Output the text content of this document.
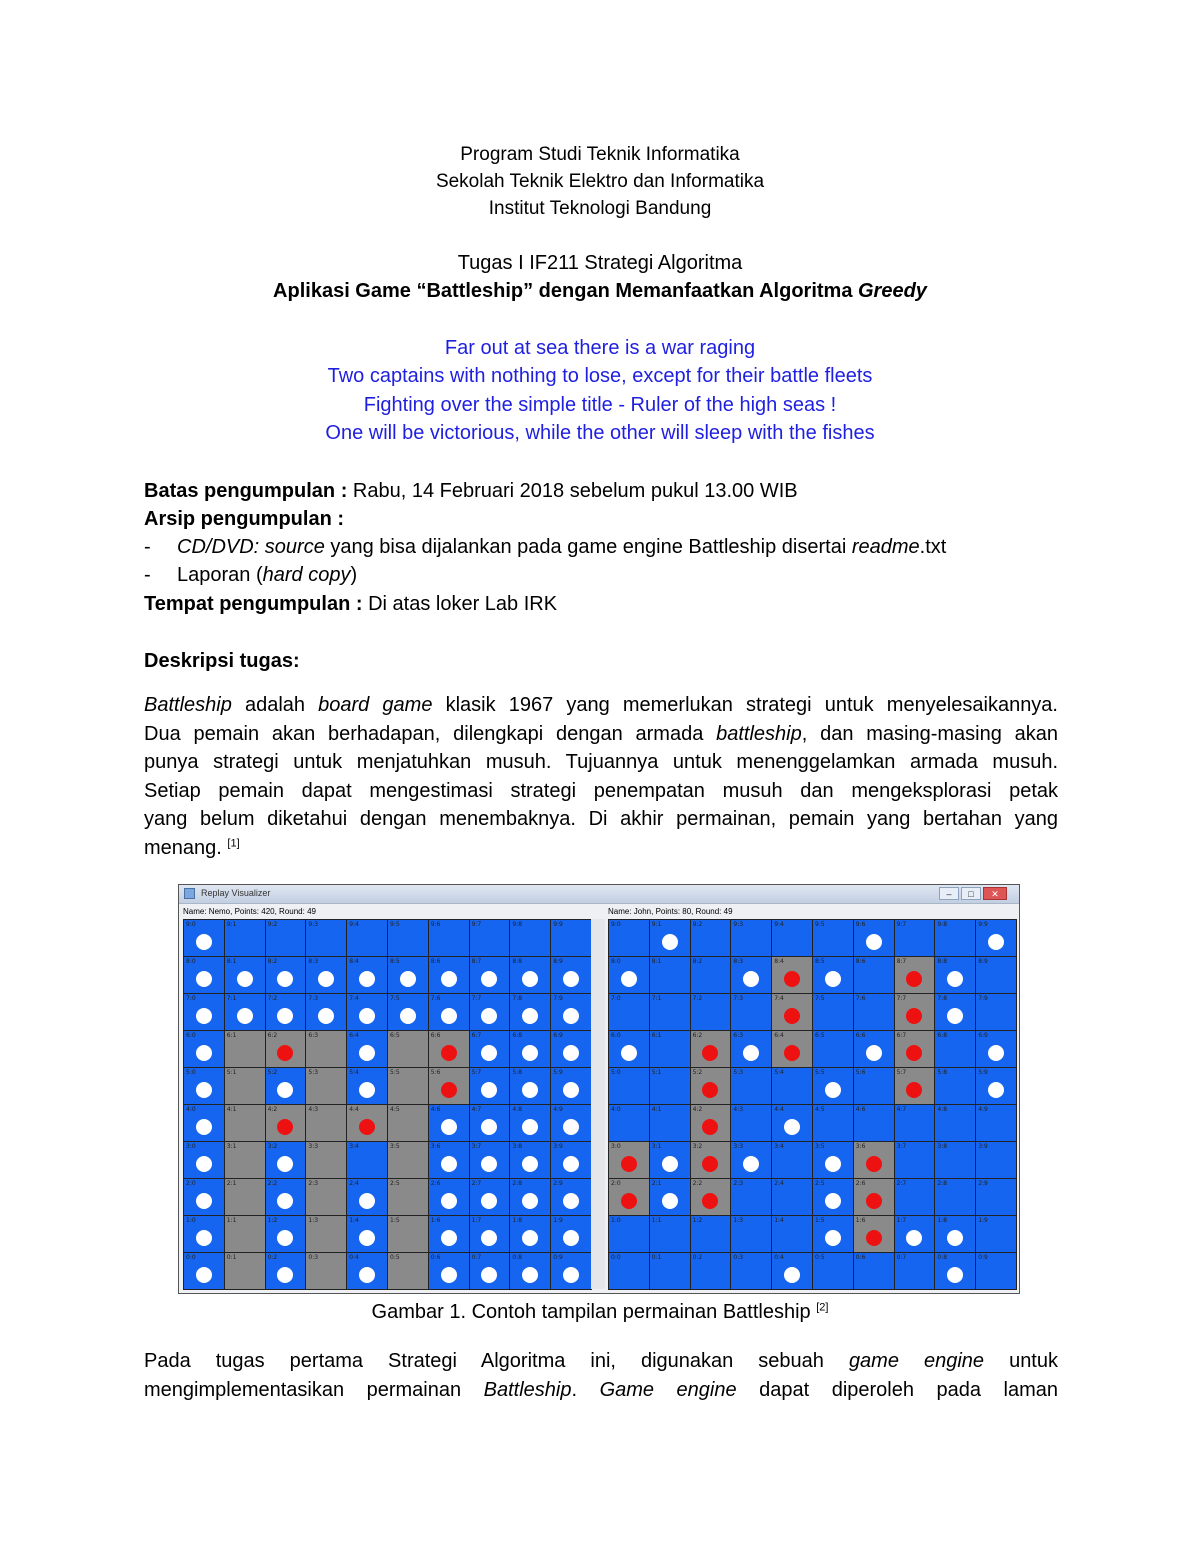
Program Studi Teknik Informatika
Sekolah Teknik Elektro dan Informatika
Institut Teknologi Bandung
Tugas I IF211 Strategi Algoritma
Aplikasi Game “Battleship” dengan Memanfaatkan Algoritma Greedy
Far out at sea there is a war raging
Two captains with nothing to lose, except for their battle fleets
Fighting over the simple title - Ruler of the high seas !
One will be victorious, while the other will sleep with the fishes
Batas pengumpulan : Rabu, 14 Februari 2018 sebelum pukul 13.00 WIB
Arsip pengumpulan :
- CD/DVD: source yang bisa dijalankan pada game engine Battleship disertai readme.txt
- Laporan (hard copy)
Tempat pengumpulan : Di atas loker Lab IRK
Deskripsi tugas:
Battleship adalah board game klasik 1967 yang memerlukan strategi untuk menyelesaikannya.
Dua pemain akan berhadapan, dilengkapi dengan armada battleship, dan masing-masing akan
punya strategi untuk menjatuhkan musuh. Tujuannya untuk menenggelamkan armada musuh.
Setiap pemain dapat mengestimasi strategi penempatan musuh dan mengeksplorasi petak
yang belum diketahui dengan menembaknya. Di akhir permainan, pemain yang bertahan yang
menang. [1]
Replay Visualizer	–	□	✕
Name: Nemo, Points: 420, Round: 49	Name: John, Points: 80, Round: 49
9:0	9:1	9:2	9:3	9:4	9:5	9:6	9:7	9:8	9:9
8:0	8:1	8:2	8:3	8:4	8:5	8:6	8:7	8:8	8:9
7:0	7:1	7:2	7:3	7:4	7:5	7:6	7:7	7:8	7:9
6:0	6:1	6:2	6:3	6:4	6:5	6:6	6:7	6:8	6:9
5:0	5:1	5:2	5:3	5:4	5:5	5:6	5:7	5:8	5:9
4:0	4:1	4:2	4:3	4:4	4:5	4:6	4:7	4:8	4:9
3:0	3:1	3:2	3:3	3:4	3:5	3:6	3:7	3:8	3:9
2:0	2:1	2:2	2:3	2:4	2:5	2:6	2:7	2:8	2:9
1:0	1:1	1:2	1:3	1:4	1:5	1:6	1:7	1:8	1:9
0:0	0:1	0:2	0:3	0:4	0:5	0:6	0:7	0:8	0:9
9:0	9:1	9:2	9:3	9:4	9:5	9:6	9:7	9:8	9:9
8:0	8:1	8:2	8:3	8:4	8:5	8:6	8:7	8:8	8:9
7:0	7:1	7:2	7:3	7:4	7:5	7:6	7:7	7:8	7:9
6:0	6:1	6:2	6:3	6:4	6:5	6:6	6:7	6:8	6:9
5:0	5:1	5:2	5:3	5:4	5:5	5:6	5:7	5:8	5:9
4:0	4:1	4:2	4:3	4:4	4:5	4:6	4:7	4:8	4:9
3:0	3:1	3:2	3:3	3:4	3:5	3:6	3:7	3:8	3:9
2:0	2:1	2:2	2:3	2:4	2:5	2:6	2:7	2:8	2:9
1:0	1:1	1:2	1:3	1:4	1:5	1:6	1:7	1:8	1:9
0:0	0:1	0:2	0:3	0:4	0:5	0:6	0:7	0:8	0:9
Gambar 1. Contoh tampilan permainan Battleship [2]
Pada tugas pertama Strategi Algoritma ini, digunakan sebuah game engine untuk
mengimplementasikan permainan Battleship. Game engine dapat diperoleh pada laman
